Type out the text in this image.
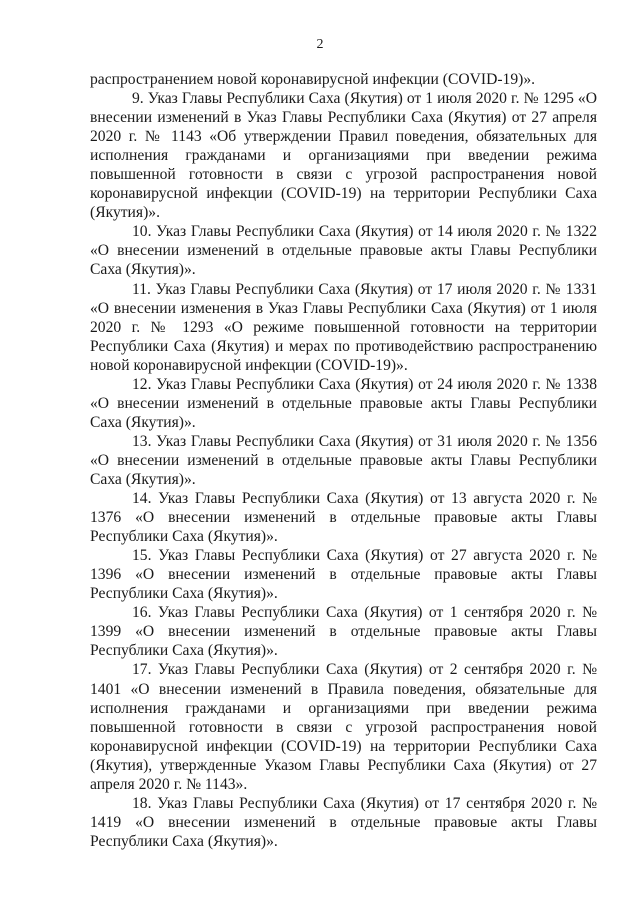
2

распространением новой коронавирусной инфекции (COVID-19)».

9. Указ Главы Республики Саха (Якутия) от 1 июля 2020 г. № 1295 «О внесении изменений в Указ Главы Республики Саха (Якутия) от 27 апреля 2020 г. № 1143 «Об утверждении Правил поведения, обязательных для исполнения гражданами и организациями при введении режима повышенной готовности в связи с угрозой распространения новой коронавирусной инфекции (COVID-19) на территории Республики Саха (Якутия)».

10. Указ Главы Республики Саха (Якутия) от 14 июля 2020 г. № 1322 «О внесении изменений в отдельные правовые акты Главы Республики Саха (Якутия)».

11. Указ Главы Республики Саха (Якутия) от 17 июля 2020 г. № 1331 «О внесении изменения в Указ Главы Республики Саха (Якутия) от 1 июля 2020 г. № 1293 «О режиме повышенной готовности на территории Республики Саха (Якутия) и мерах по противодействию распространению новой коронавирусной инфекции (COVID-19)».

12. Указ Главы Республики Саха (Якутия) от 24 июля 2020 г. № 1338 «О внесении изменений в отдельные правовые акты Главы Республики Саха (Якутия)».

13. Указ Главы Республики Саха (Якутия) от 31 июля 2020 г. № 1356 «О внесении изменений в отдельные правовые акты Главы Республики Саха (Якутия)».

14. Указ Главы Республики Саха (Якутия) от 13 августа 2020 г. № 1376 «О внесении изменений в отдельные правовые акты Главы Республики Саха (Якутия)».

15. Указ Главы Республики Саха (Якутия) от 27 августа 2020 г. № 1396 «О внесении изменений в отдельные правовые акты Главы Республики Саха (Якутия)».

16. Указ Главы Республики Саха (Якутия) от 1 сентября 2020 г. № 1399 «О внесении изменений в отдельные правовые акты Главы Республики Саха (Якутия)».

17. Указ Главы Республики Саха (Якутия) от 2 сентября 2020 г. № 1401 «О внесении изменений в Правила поведения, обязательные для исполнения гражданами и организациями при введении режима повышенной готовности в связи с угрозой распространения новой коронавирусной инфекции (COVID-19) на территории Республики Саха (Якутия), утвержденные Указом Главы Республики Саха (Якутия) от 27 апреля 2020 г. № 1143».

18. Указ Главы Республики Саха (Якутия) от 17 сентября 2020 г. № 1419 «О внесении изменений в отдельные правовые акты Главы Республики Саха (Якутия)».
